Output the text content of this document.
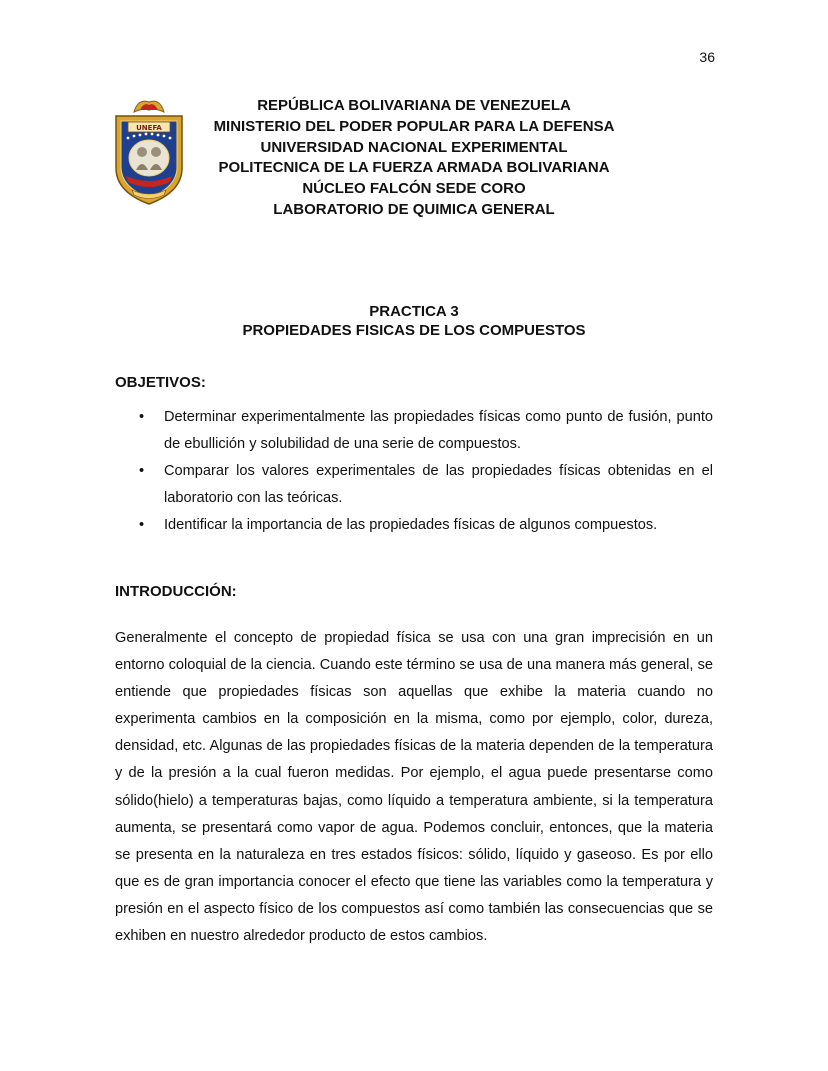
36
UNEFA
REPÚBLICA BOLIVARIANA DE VENEZUELA
MINISTERIO DEL PODER POPULAR PARA LA DEFENSA
UNIVERSIDAD NACIONAL EXPERIMENTAL
POLITECNICA DE LA FUERZA ARMADA BOLIVARIANA
NÚCLEO FALCÓN SEDE CORO
LABORATORIO DE QUIMICA GENERAL
PRACTICA 3
PROPIEDADES FISICAS DE LOS COMPUESTOS
OBJETIVOS:
• Determinar experimentalmente las propiedades físicas como punto de fusión, punto de ebullición y solubilidad de una serie de compuestos.
• Comparar los valores experimentales de las propiedades físicas obtenidas en el laboratorio con las teóricas.
• Identificar la importancia de las propiedades físicas de algunos compuestos.
INTRODUCCIÓN:

Generalmente el concepto de propiedad física se usa con una gran imprecisión en un entorno coloquial de la ciencia. Cuando este término se usa de una manera más general, se entiende que propiedades físicas son aquellas que exhibe la materia cuando no experimenta cambios en la composición en la misma, como por ejemplo, color, dureza, densidad, etc. Algunas de las propiedades físicas de la materia dependen de la temperatura y de la presión a la cual fueron medidas. Por ejemplo, el agua puede presentarse como sólido(hielo) a temperaturas bajas, como líquido a temperatura ambiente, si la temperatura aumenta, se presentará como vapor de agua. Podemos concluir, entonces, que la materia se presenta en la naturaleza en tres estados físicos: sólido, líquido y gaseoso. Es por ello que es de gran importancia conocer el efecto que tiene las variables como la temperatura y presión en el aspecto físico de los compuestos así como también las consecuencias que se exhiben en nuestro alrededor producto de estos cambios.
